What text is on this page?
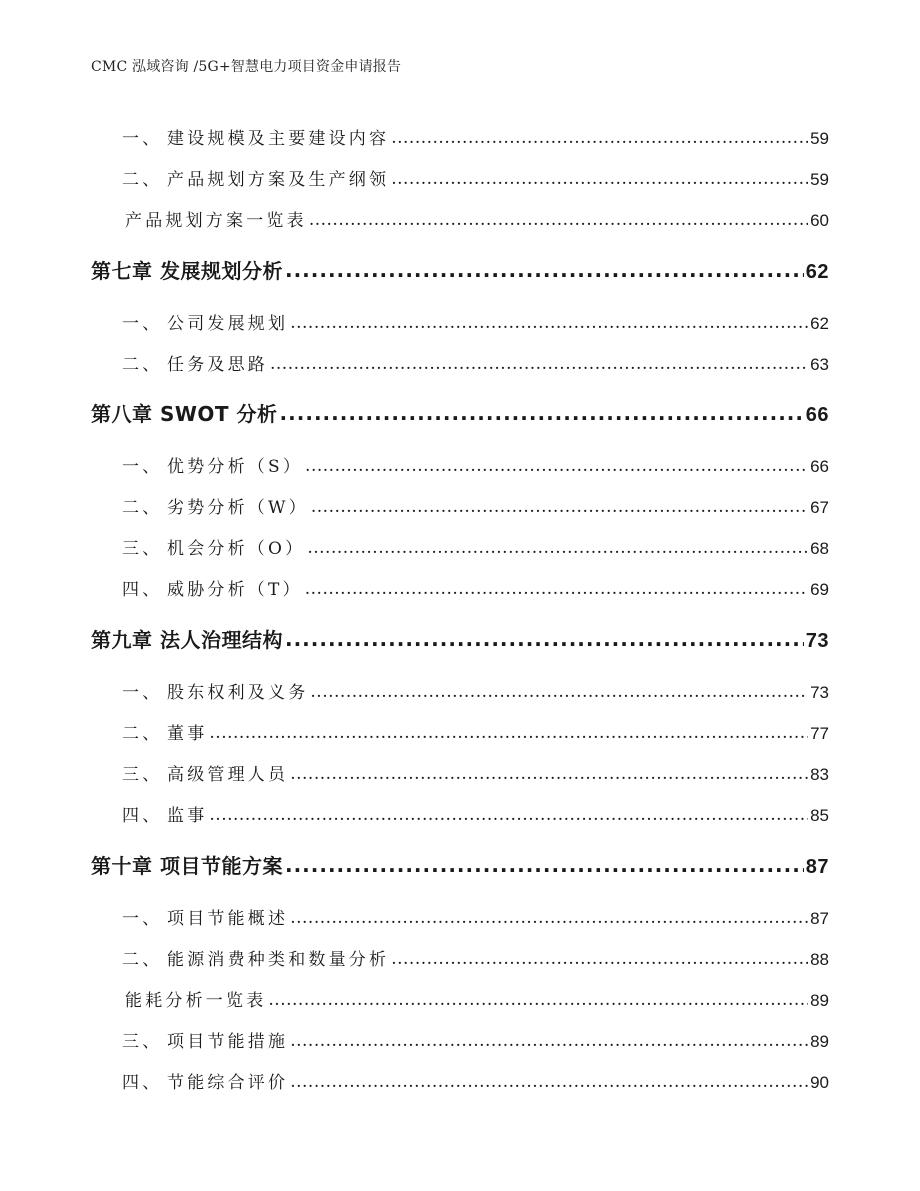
CMC 泓域咨询 /5G+智慧电力项目资金申请报告
一、 建设规模及主要建设内容 .....	59
二、 产品规划方案及生产纲领 .....	59
产品规划方案一览表 .....	60
第七章 发展规划分析 .....	62
一、 公司发展规划 .....	62
二、 任务及思路 .....	63
第八章 SWOT 分析 .....	66
一、 优势分析（S） .....	66
二、 劣势分析（W） .....	67
三、 机会分析（O） .....	68
四、 威胁分析（T） .....	69
第九章 法人治理结构 .....	73
一、 股东权利及义务 .....	73
二、 董事 .....	77
三、 高级管理人员 .....	83
四、 监事 .....	85
第十章 项目节能方案 .....	87
一、 项目节能概述 .....	87
二、 能源消费种类和数量分析 .....	88
能耗分析一览表 .....	89
三、 项目节能措施 .....	89
四、 节能综合评价 .....	90
